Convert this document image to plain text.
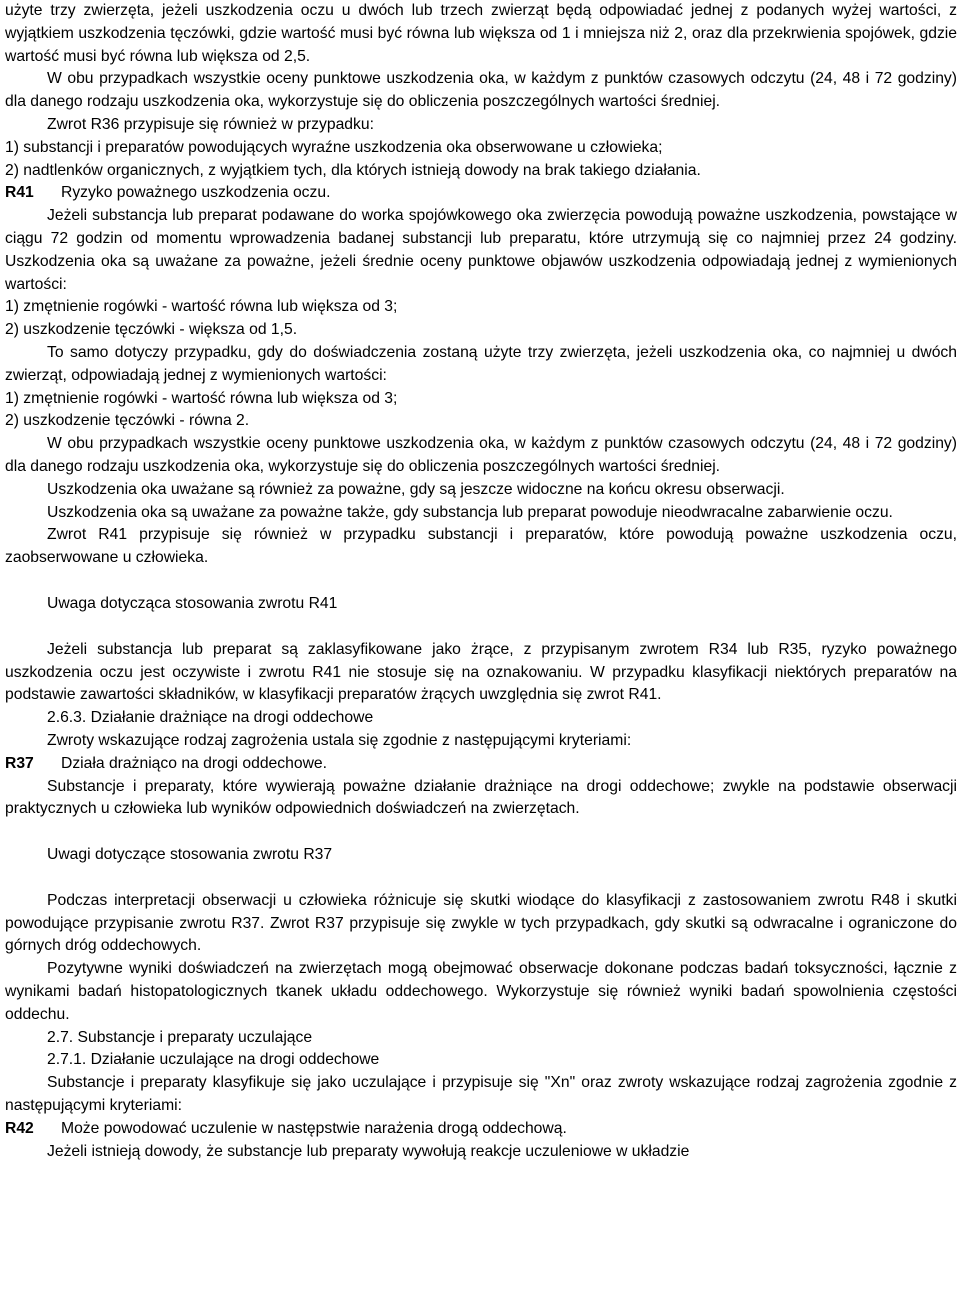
użyte trzy zwierzęta, jeżeli uszkodzenia oczu u dwóch lub trzech zwierząt będą odpowiadać jednej z podanych wyżej wartości, z wyjątkiem uszkodzenia tęczówki, gdzie wartość musi być równa lub większa od 1 i mniejsza niż 2, oraz dla przekrwienia spojówek, gdzie wartość musi być równa lub większa od 2,5.

W obu przypadkach wszystkie oceny punktowe uszkodzenia oka, w każdym z punktów czasowych odczytu (24, 48 i 72 godziny) dla danego rodzaju uszkodzenia oka, wykorzystuje się do obliczenia poszczególnych wartości średniej.

Zwrot R36 przypisuje się również w przypadku:

1) substancji i preparatów powodujących wyraźne uszkodzenia oka obserwowane u człowieka;

2) nadtlenków organicznych, z wyjątkiem tych, dla których istnieją dowody na brak takiego działania.

R41	Ryzyko poważnego uszkodzenia oczu.

Jeżeli substancja lub preparat podawane do worka spojówkowego oka zwierzęcia powodują poważne uszkodzenia, powstające w ciągu 72 godzin od momentu wprowadzenia badanej substancji lub preparatu, które utrzymują się co najmniej przez 24 godziny. Uszkodzenia oka są uważane za poważne, jeżeli średnie oceny punktowe objawów uszkodzenia odpowiadają jednej z wymienionych wartości:

1) zmętnienie rogówki - wartość równa lub większa od 3;

2) uszkodzenie tęczówki - większa od 1,5.

To samo dotyczy przypadku, gdy do doświadczenia zostaną użyte trzy zwierzęta, jeżeli uszkodzenia oka, co najmniej u dwóch zwierząt, odpowiadają jednej z wymienionych wartości:

1) zmętnienie rogówki - wartość równa lub większa od 3;

2) uszkodzenie tęczówki - równa 2.

W obu przypadkach wszystkie oceny punktowe uszkodzenia oka, w każdym z punktów czasowych odczytu (24, 48 i 72 godziny) dla danego rodzaju uszkodzenia oka, wykorzystuje się do obliczenia poszczególnych wartości średniej.

Uszkodzenia oka uważane są również za poważne, gdy są jeszcze widoczne na końcu okresu obserwacji.

Uszkodzenia oka są uważane za poważne także, gdy substancja lub preparat powoduje nieodwracalne zabarwienie oczu.

Zwrot R41 przypisuje się również w przypadku substancji i preparatów, które powodują poważne uszkodzenia oczu, zaobserwowane u człowieka.

Uwaga dotycząca stosowania zwrotu R41

Jeżeli substancja lub preparat są zaklasyfikowane jako żrące, z przypisanym zwrotem R34 lub R35, ryzyko poważnego uszkodzenia oczu jest oczywiste i zwrotu R41 nie stosuje się na oznakowaniu. W przypadku klasyfikacji niektórych preparatów na podstawie zawartości składników, w klasyfikacji preparatów żrących uwzględnia się zwrot R41.

2.6.3. Działanie drażniące na drogi oddechowe

Zwroty wskazujące rodzaj zagrożenia ustala się zgodnie z następującymi kryteriami:

R37	Działa drażniąco na drogi oddechowe.

Substancje i preparaty, które wywierają poważne działanie drażniące na drogi oddechowe; zwykle na podstawie obserwacji praktycznych u człowieka lub wyników odpowiednich doświadczeń na zwierzętach.

Uwagi dotyczące stosowania zwrotu R37

Podczas interpretacji obserwacji u człowieka różnicuje się skutki wiodące do klasyfikacji z zastosowaniem zwrotu R48 i skutki powodujące przypisanie zwrotu R37. Zwrot R37 przypisuje się zwykle w tych przypadkach, gdy skutki są odwracalne i ograniczone do górnych dróg oddechowych.

Pozytywne wyniki doświadczeń na zwierzętach mogą obejmować obserwacje dokonane podczas badań toksyczności, łącznie z wynikami badań histopatologicznych tkanek układu oddechowego. Wykorzystuje się również wyniki badań spowolnienia częstości oddechu.

2.7. Substancje i preparaty uczulające

2.7.1. Działanie uczulające na drogi oddechowe

Substancje i preparaty klasyfikuje się jako uczulające i przypisuje się "Xn" oraz zwroty wskazujące rodzaj zagrożenia zgodnie z następującymi kryteriami:

R42	Może powodować uczulenie w następstwie narażenia drogą oddechową.

Jeżeli istnieją dowody, że substancje lub preparaty wywołują reakcje uczuleniowe w układzie
